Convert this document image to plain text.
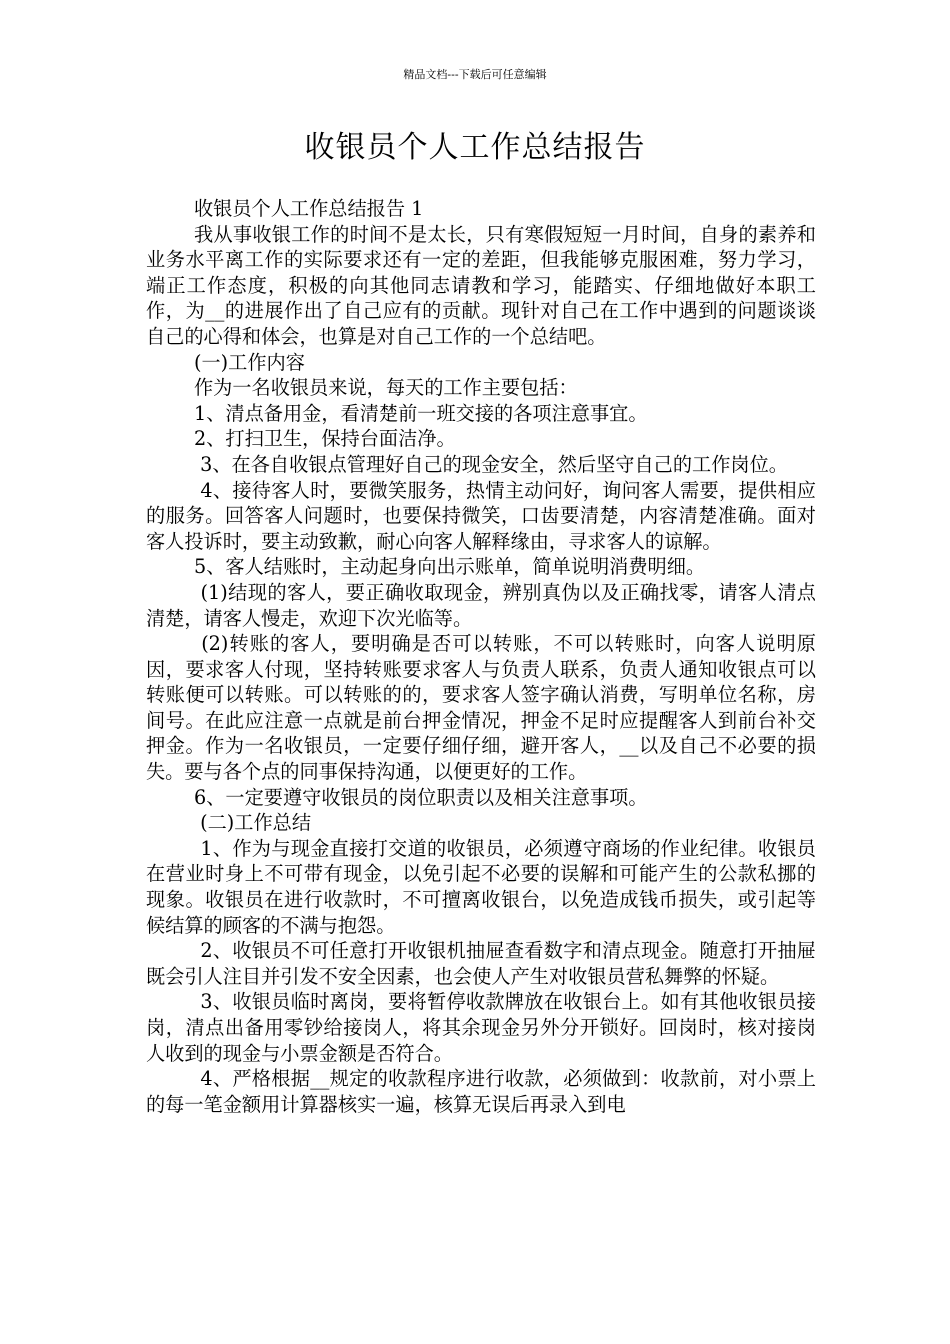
精品文档---下载后可任意编辑
收银员个人工作总结报告

收银员个人工作总结报告 1

我从事收银工作的时间不是太长，只有寒假短短一月时间，自身的素养和业务水平离工作的实际要求还有一定的差距，但我能够克服困难，努力学习，端正工作态度，积极的向其他同志请教和学习，能踏实、仔细地做好本职工作，为__的进展作出了自己应有的贡献。现针对自己在工作中遇到的问题谈谈自己的心得和体会，也算是对自己工作的一个总结吧。

(一)工作内容

作为一名收银员来说，每天的工作主要包括：

1、清点备用金，看清楚前一班交接的各项注意事宜。

2、打扫卫生，保持台面洁净。

3、在各自收银点管理好自己的现金安全，然后坚守自己的工作岗位。

4、接待客人时，要微笑服务，热情主动问好，询问客人需要，提供相应的服务。回答客人问题时，也要保持微笑，口齿要清楚，内容清楚准确。面对客人投诉时，要主动致歉，耐心向客人解释缘由，寻求客人的谅解。

5、客人结账时，主动起身向出示账单，简单说明消费明细。

(1)结现的客人，要正确收取现金，辨别真伪以及正确找零，请客人清点清楚，请客人慢走，欢迎下次光临等。

(2)转账的客人，要明确是否可以转账，不可以转账时，向客人说明原因，要求客人付现，坚持转账要求客人与负责人联系，负责人通知收银点可以转账便可以转账。可以转账的的，要求客人签字确认消费，写明单位名称，房间号。在此应注意一点就是前台押金情况，押金不足时应提醒客人到前台补交押金。作为一名收银员，一定要仔细仔细，避开客人，__以及自己不必要的损失。要与各个点的同事保持沟通，以便更好的工作。

6、一定要遵守收银员的岗位职责以及相关注意事项。

(二)工作总结

1、作为与现金直接打交道的收银员，必须遵守商场的作业纪律。收银员在营业时身上不可带有现金，以免引起不必要的误解和可能产生的公款私挪的现象。收银员在进行收款时，不可擅离收银台，以免造成钱币损失，或引起等候结算的顾客的不满与抱怨。

2、收银员不可任意打开收银机抽屉查看数字和清点现金。随意打开抽屉既会引人注目并引发不安全因素，也会使人产生对收银员营私舞弊的怀疑。

3、收银员临时离岗，要将暂停收款牌放在收银台上。如有其他收银员接岗，清点出备用零钞给接岗人，将其余现金另外分开锁好。回岗时，核对接岗人收到的现金与小票金额是否符合。

4、严格根据__规定的收款程序进行收款，必须做到：收款前，对小票上的每一笔金额用计算器核实一遍，核算无误后再录入到电
